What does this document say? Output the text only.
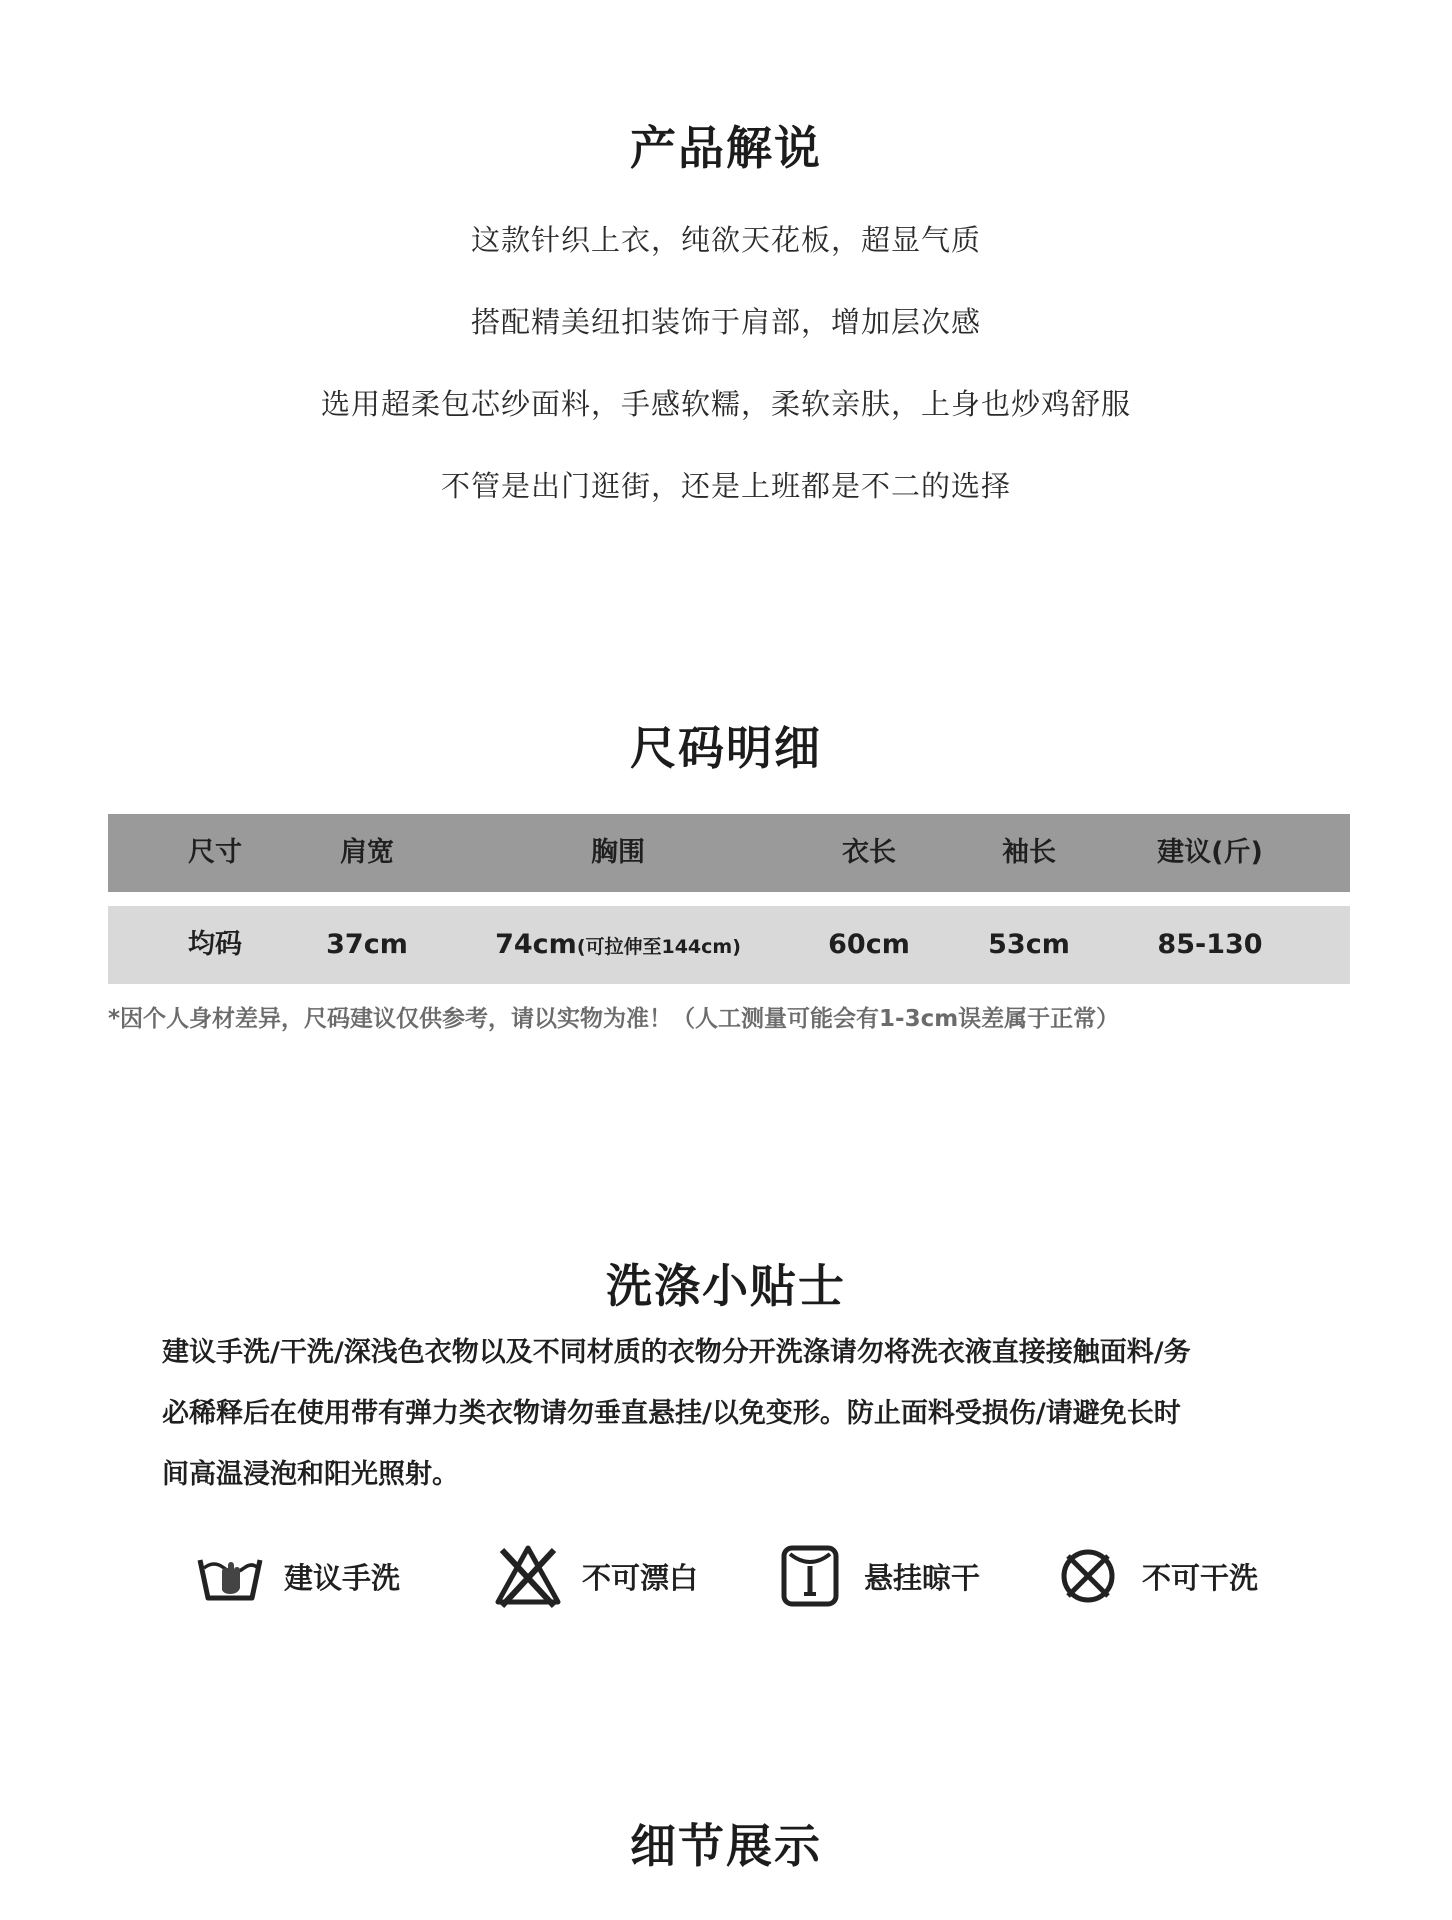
产品解说
这款针织上衣，纯欲天花板，超显气质
搭配精美纽扣装饰于肩部，增加层次感
选用超柔包芯纱面料，手感软糯，柔软亲肤，上身也炒鸡舒服
不管是出门逛街，还是上班都是不二的选择
尺码明细
尺寸	肩宽	胸围	衣长	袖长	建议(斤)
均码	37cm	74cm(可拉伸至144cm)	60cm	53cm	85-130
*因个人身材差异，尺码建议仅供参考，请以实物为准！（人工测量可能会有1-3cm误差属于正常）
洗涤小贴士
建议手洗/干洗/深浅色衣物以及不同材质的衣物分开洗涤请勿将洗衣液直接接触面料/务
必稀释后在使用带有弹力类衣物请勿垂直悬挂/以免变形。防止面料受损伤/请避免长时
间高温浸泡和阳光照射。
建议手洗	不可漂白	悬挂晾干	不可干洗
细节展示
